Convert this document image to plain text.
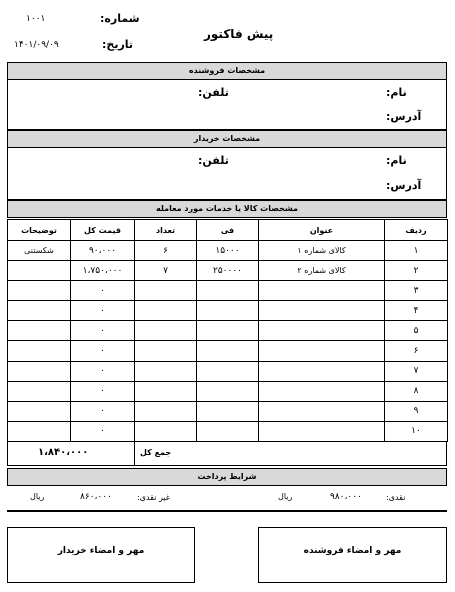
شماره:
۱۰۰۱
تاریخ:
۱۴۰۱/۰۹/۰۹
پیش فاکتور
مشخصات فروشنده
نام:
تلفن:
آدرس:
مشخصات خریدار
نام:
تلفن:
آدرس:
مشخصات کالا یا خدمات مورد معامله
توضیحات	قیمت کل	تعداد	فی	عنوان	ردیف
شکستنی	۹۰،۰۰۰	۶	۱۵۰۰۰	کالای شماره ۱	۱
	۱،۷۵۰،۰۰۰	۷	۲۵۰۰۰۰	کالای شماره ۲	۲
	۰				۳
	۰				۴
	۰				۵
	۰				۶
	۰				۷
	۰				۸
	۰				۹
	۰				۱۰
۱،۸۴۰،۰۰۰	جمع کل
شرایط پرداخت
نقدی:
۹۸۰،۰۰۰
ریال
غیر نقدی:
۸۶۰،۰۰۰
ریال
مهر و امضاء خریدار	مهر و امضاء فروشنده
